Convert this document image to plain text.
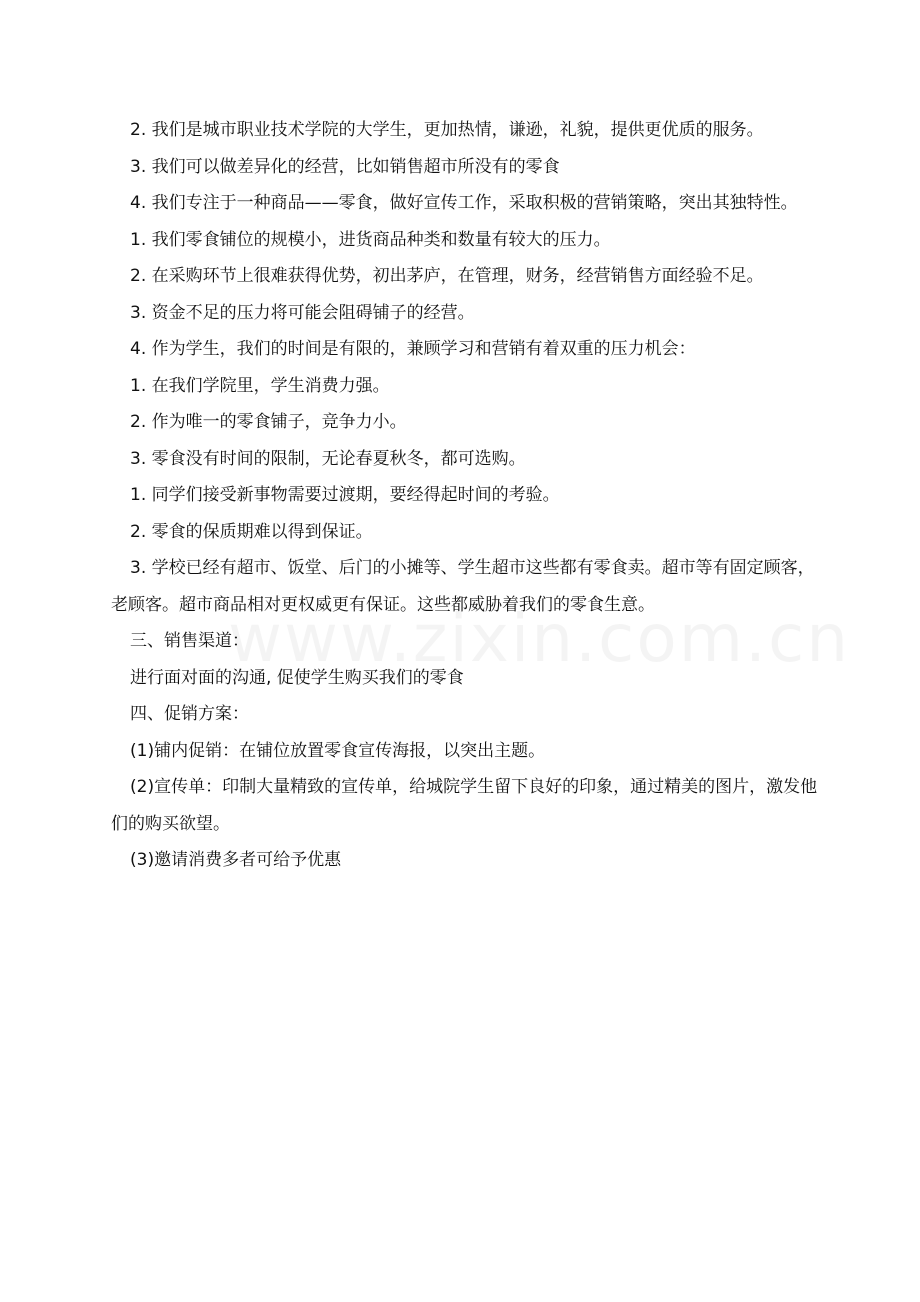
2. 我们是城市职业技术学院的大学生，更加热情，谦逊，礼貌，提供更优质的服务。

3. 我们可以做差异化的经营，比如销售超市所没有的零食

4. 我们专注于一种商品——零食，做好宣传工作，采取积极的营销策略，突出其独特性。

1. 我们零食铺位的规模小，进货商品种类和数量有较大的压力。

2. 在采购环节上很难获得优势，初出茅庐，在管理，财务，经营销售方面经验不足。

3. 资金不足的压力将可能会阻碍铺子的经营。

4. 作为学生，我们的时间是有限的，兼顾学习和营销有着双重的压力机会：

1. 在我们学院里，学生消费力强。

2. 作为唯一的零食铺子，竞争力小。

3. 零食没有时间的限制，无论春夏秋冬，都可选购。

1. 同学们接受新事物需要过渡期，要经得起时间的考验。

2. 零食的保质期难以得到保证。

3. 学校已经有超市、饭堂、后门的小摊等、学生超市这些都有零食卖。超市等有固定顾客，老顾客。超市商品相对更权威更有保证。这些都威胁着我们的零食生意。

三、销售渠道：

进行面对面的沟通, 促使学生购买我们的零食

四、促销方案：

(1)铺内促销：在铺位放置零食宣传海报，以突出主题。

(2)宣传单：印制大量精致的宣传单，给城院学生留下良好的印象，通过精美的图片，激发他们的购买欲望。

(3)邀请消费多者可给予优惠
